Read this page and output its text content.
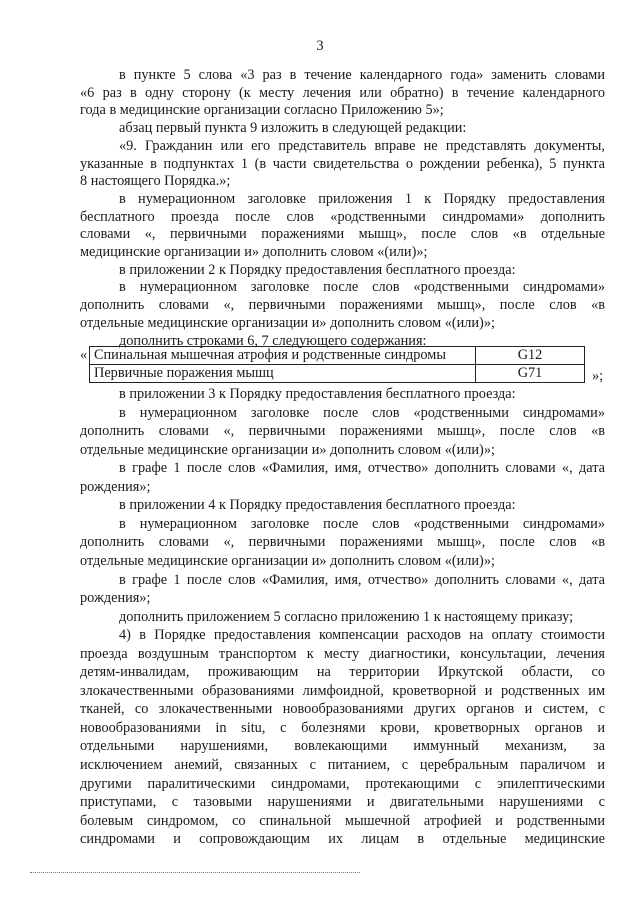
3
в пункте 5 слова «3 раз в течение календарного года» заменить словами
«6 раз в одну сторону (к месту лечения или обратно) в течение календарного
года в медицинские организации согласно Приложению 5»;
абзац первый пункта 9 изложить в следующей редакции:
«9. Гражданин или его представитель вправе не представлять документы,
указанные в подпунктах 1 (в части свидетельства о рождении ребенка), 5 пункта
8 настоящего Порядка.»;
в нумерационном заголовке приложения 1 к Порядку предоставления
бесплатного проезда после слов «родственными синдромами» дополнить
словами «, первичными поражениями мышц», после слов «в отдельные
медицинские организации и» дополнить словом «(или)»;
в приложении 2 к Порядку предоставления бесплатного проезда:
в нумерационном заголовке после слов «родственными синдромами»
дополнить словами «, первичными поражениями мышц», после слов «в
отдельные медицинские организации и» дополнить словом «(или)»;
дополнить строками 6, 7 следующего содержания:
« Спинальная мышечная атрофия и родственные синдромы	G12
Первичные поражения мышц	G71	»;
в приложении 3 к Порядку предоставления бесплатного проезда:
в нумерационном заголовке после слов «родственными синдромами»
дополнить словами «, первичными поражениями мышц», после слов «в
отдельные медицинские организации и» дополнить словом «(или)»;
в графе 1 после слов «Фамилия, имя, отчество» дополнить словами «, дата
рождения»;
в приложении 4 к Порядку предоставления бесплатного проезда:
в нумерационном заголовке после слов «родственными синдромами»
дополнить словами «, первичными поражениями мышц», после слов «в
отдельные медицинские организации и» дополнить словом «(или)»;
в графе 1 после слов «Фамилия, имя, отчество» дополнить словами «, дата
рождения»;
дополнить приложением 5 согласно приложению 1 к настоящему приказу;
4) в Порядке предоставления компенсации расходов на оплату стоимости
проезда воздушным транспортом к месту диагностики, консультации, лечения
детям-инвалидам, проживающим на территории Иркутской области, со
злокачественными образованиями лимфоидной, кроветворной и родственных им
тканей, со злокачественными новообразованиями других органов и систем, с
новообразованиями in situ, с болезнями крови, кроветворных органов и
отдельными нарушениями, вовлекающими иммунный механизм, за
исключением анемий, связанных с питанием, с церебральным параличом и
другими паралитическими синдромами, протекающими с эпилептическими
приступами, с тазовыми нарушениями и двигательными нарушениями с
болевым синдромом, со спинальной мышечной атрофией и родственными
синдромами и сопровождающим их лицам в отдельные медицинские
